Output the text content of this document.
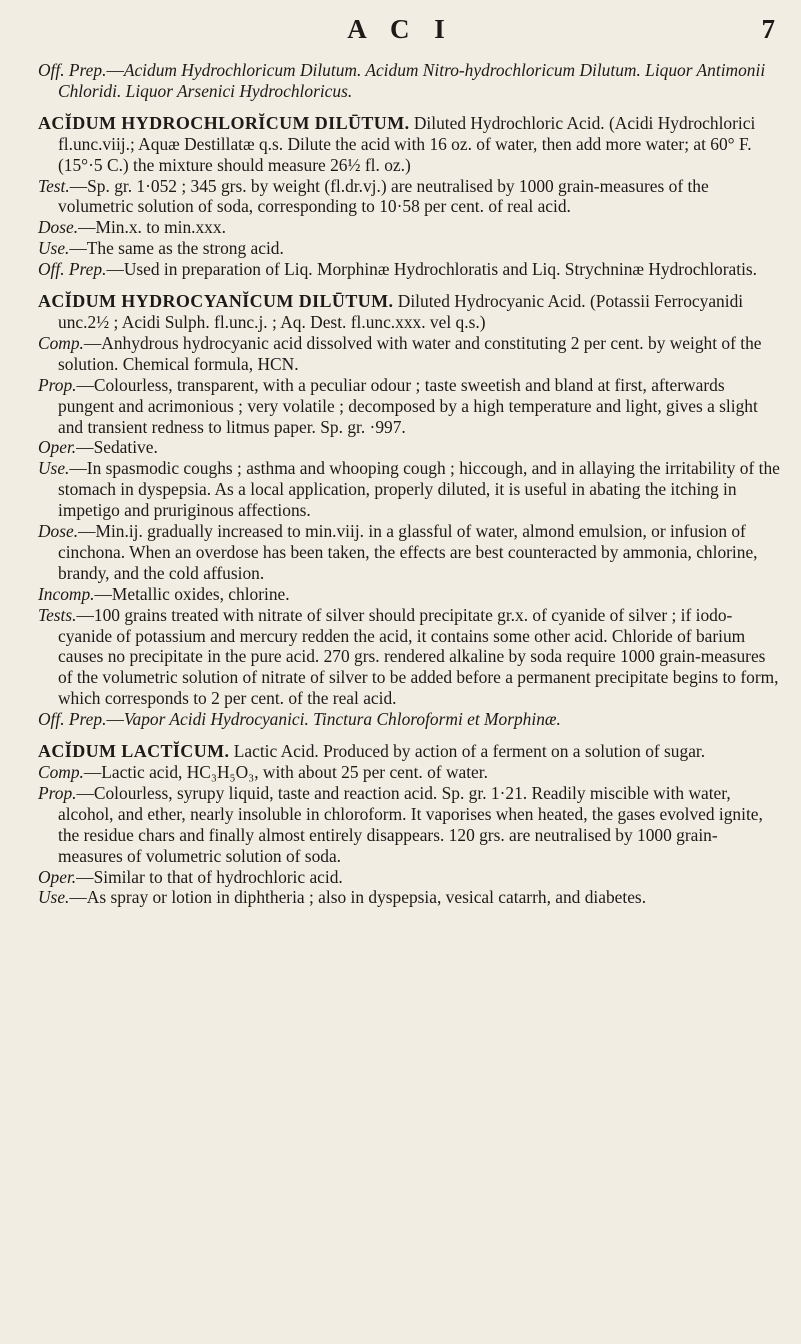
A C I	7

Off. Prep.—Acidum Hydrochloricum Dilutum. Acidum Nitro-hydrochloricum Dilutum. Liquor Antimonii Chloridi. Liquor Arsenici Hydrochloricus.

ACĬDUM HYDROCHLORĬCUM DILŪTUM. Diluted Hydrochloric Acid. (Acidi Hydrochlorici fl.unc.viij.; Aquæ Destillatæ q.s. Dilute the acid with 16 oz. of water, then add more water; at 60° F. (15°·5 C.) the mixture should measure 26½ fl. oz.)

Test.—Sp. gr. 1·052 ; 345 grs. by weight (fl.dr.vj.) are neutralised by 1000 grain-measures of the volumetric solution of soda, corresponding to 10·58 per cent. of real acid.

Dose.—Min.x. to min.xxx.

Use.—The same as the strong acid.

Off. Prep.—Used in preparation of Liq. Morphinæ Hydrochloratis and Liq. Strychninæ Hydrochloratis.

ACĬDUM HYDROCYANĬCUM DILŪTUM. Diluted Hydrocyanic Acid. (Potassii Ferrocyanidi unc.2½ ; Acidi Sulph. fl.unc.j. ; Aq. Dest. fl.unc.xxx. vel q.s.)

Comp.—Anhydrous hydrocyanic acid dissolved with water and constituting 2 per cent. by weight of the solution. Chemical formula, HCN.

Prop.—Colourless, transparent, with a peculiar odour ; taste sweetish and bland at first, afterwards pungent and acrimonious ; very volatile ; decomposed by a high temperature and light, gives a slight and transient redness to litmus paper. Sp. gr. ·997.

Oper.—Sedative.

Use.—In spasmodic coughs ; asthma and whooping cough ; hiccough, and in allaying the irritability of the stomach in dyspepsia. As a local application, properly diluted, it is useful in abating the itching in impetigo and pruriginous affections.

Dose.—Min.ij. gradually increased to min.viij. in a glassful of water, almond emulsion, or infusion of cinchona. When an overdose has been taken, the effects are best counteracted by ammonia, chlorine, brandy, and the cold affusion.

Incomp.—Metallic oxides, chlorine.

Tests.—100 grains treated with nitrate of silver should precipitate gr.x. of cyanide of silver ; if iodo-cyanide of potassium and mercury redden the acid, it contains some other acid. Chloride of barium causes no precipitate in the pure acid. 270 grs. rendered alkaline by soda require 1000 grain-measures of the volumetric solution of nitrate of silver to be added before a permanent precipitate begins to form, which corresponds to 2 per cent. of the real acid.

Off. Prep.—Vapor Acidi Hydrocyanici. Tinctura Chloroformi et Morphinæ.

ACĬDUM LACTĬCUM. Lactic Acid. Produced by action of a ferment on a solution of sugar.

Comp.—Lactic acid, HC₃H₅O₃, with about 25 per cent. of water.

Prop.—Colourless, syrupy liquid, taste and reaction acid. Sp. gr. 1·21. Readily miscible with water, alcohol, and ether, nearly insoluble in chloroform. It vaporises when heated, the gases evolved ignite, the residue chars and finally almost entirely disappears. 120 grs. are neutralised by 1000 grain-measures of volumetric solution of soda.

Oper.—Similar to that of hydrochloric acid.

Use.—As spray or lotion in diphtheria ; also in dyspepsia, vesical catarrh, and diabetes.
